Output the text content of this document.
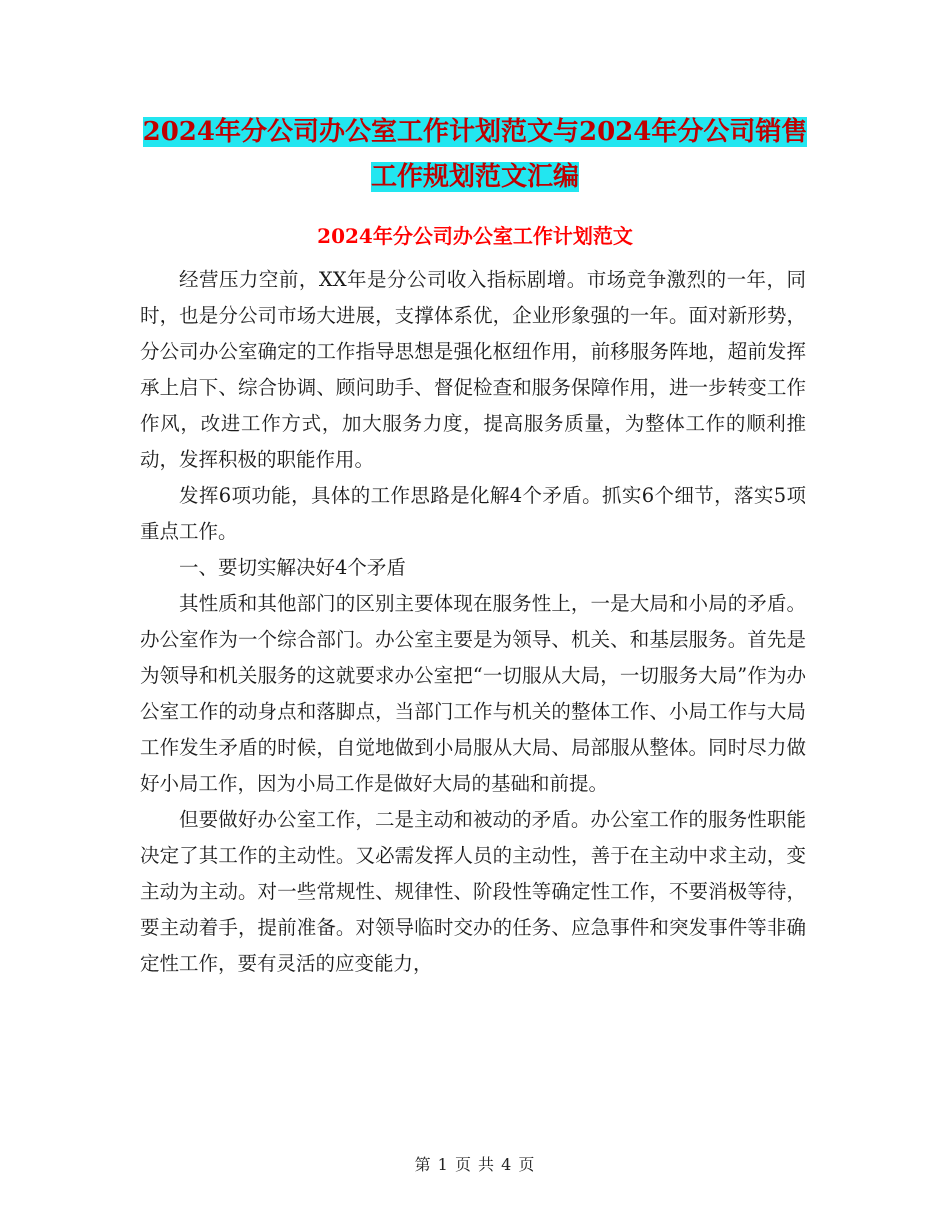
2024年分公司办公室工作计划范文与2024年分公司销售工作规划范文汇编
2024年分公司办公室工作计划范文

经营压力空前，XX年是分公司收入指标剧增。市场竞争激烈的一年，同时，也是分公司市场大进展，支撑体系优，企业形象强的一年。面对新形势，分公司办公室确定的工作指导思想是强化枢纽作用，前移服务阵地，超前发挥承上启下、综合协调、顾问助手、督促检查和服务保障作用，进一步转变工作作风，改进工作方式，加大服务力度，提高服务质量，为整体工作的顺利推动，发挥积极的职能作用。

发挥6项功能，具体的工作思路是化解4个矛盾。抓实6个细节，落实5项重点工作。

一、要切实解决好4个矛盾

其性质和其他部门的区别主要体现在服务性上，一是大局和小局的矛盾。办公室作为一个综合部门。办公室主要是为领导、机关、和基层服务。首先是为领导和机关服务的这就要求办公室把“一切服从大局，一切服务大局”作为办公室工作的动身点和落脚点，当部门工作与机关的整体工作、小局工作与大局工作发生矛盾的时候，自觉地做到小局服从大局、局部服从整体。同时尽力做好小局工作，因为小局工作是做好大局的基础和前提。

但要做好办公室工作，二是主动和被动的矛盾。办公室工作的服务性职能决定了其工作的主动性。又必需发挥人员的主动性，善于在主动中求主动，变主动为主动。对一些常规性、规律性、阶段性等确定性工作，不要消极等待，要主动着手，提前准备。对领导临时交办的任务、应急事件和突发事件等非确定性工作，要有灵活的应变能力，

第 1 页 共 4 页
